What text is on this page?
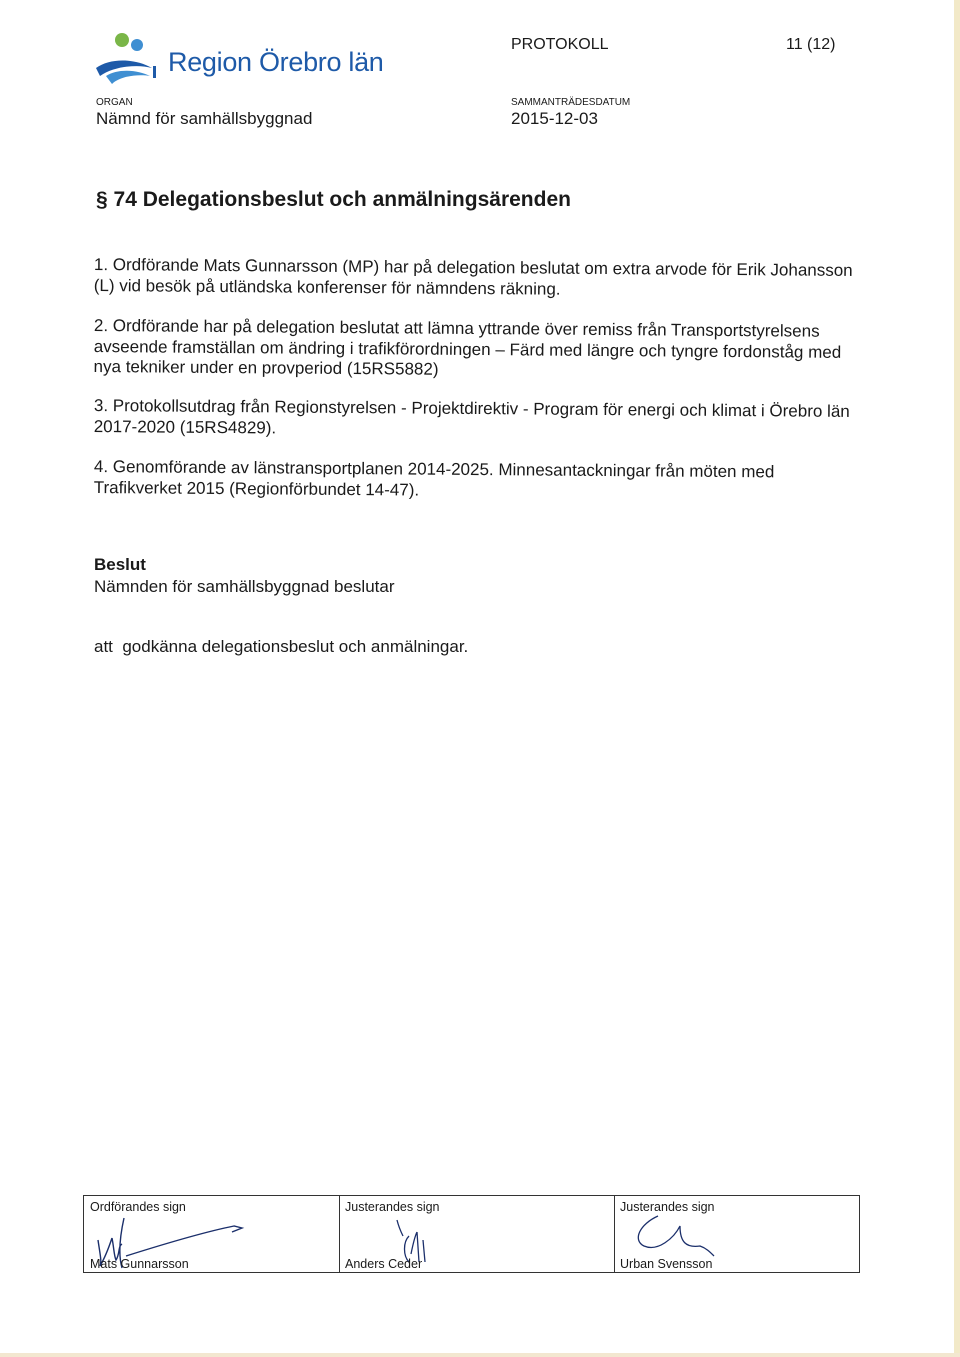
Region Örebro län
PROTOKOLL	11 (12)
ORGAN
Nämnd för samhällsbyggnad
SAMMANTRÄDESDATUM
2015-12-03
§ 74 Delegationsbeslut och anmälningsärenden
1. Ordförande Mats Gunnarsson (MP) har på delegation beslutat om extra arvode för Erik Johansson (L) vid besök på utländska konferenser för nämndens räkning.
2. Ordförande har på delegation beslutat att lämna yttrande över remiss från Transportstyrelsens avseende framställan om ändring i trafikförordningen – Färd med längre och tyngre fordonståg med nya tekniker under en provperiod (15RS5882)
3. Protokollsutdrag från Regionstyrelsen - Projektdirektiv - Program för energi och klimat i Örebro län 2017-2020 (15RS4829).
4. Genomförande av länstransportplanen 2014-2025. Minnesantackningar från möten med Trafikverket 2015 (Regionförbundet 14-47).
Beslut
Nämnden för samhällsbyggnad beslutar
att  godkänna delegationsbeslut och anmälningar.
Ordförandes sign
Mats Gunnarsson
Justerandes sign
Anders Ceder
Justerandes sign
Urban Svensson
